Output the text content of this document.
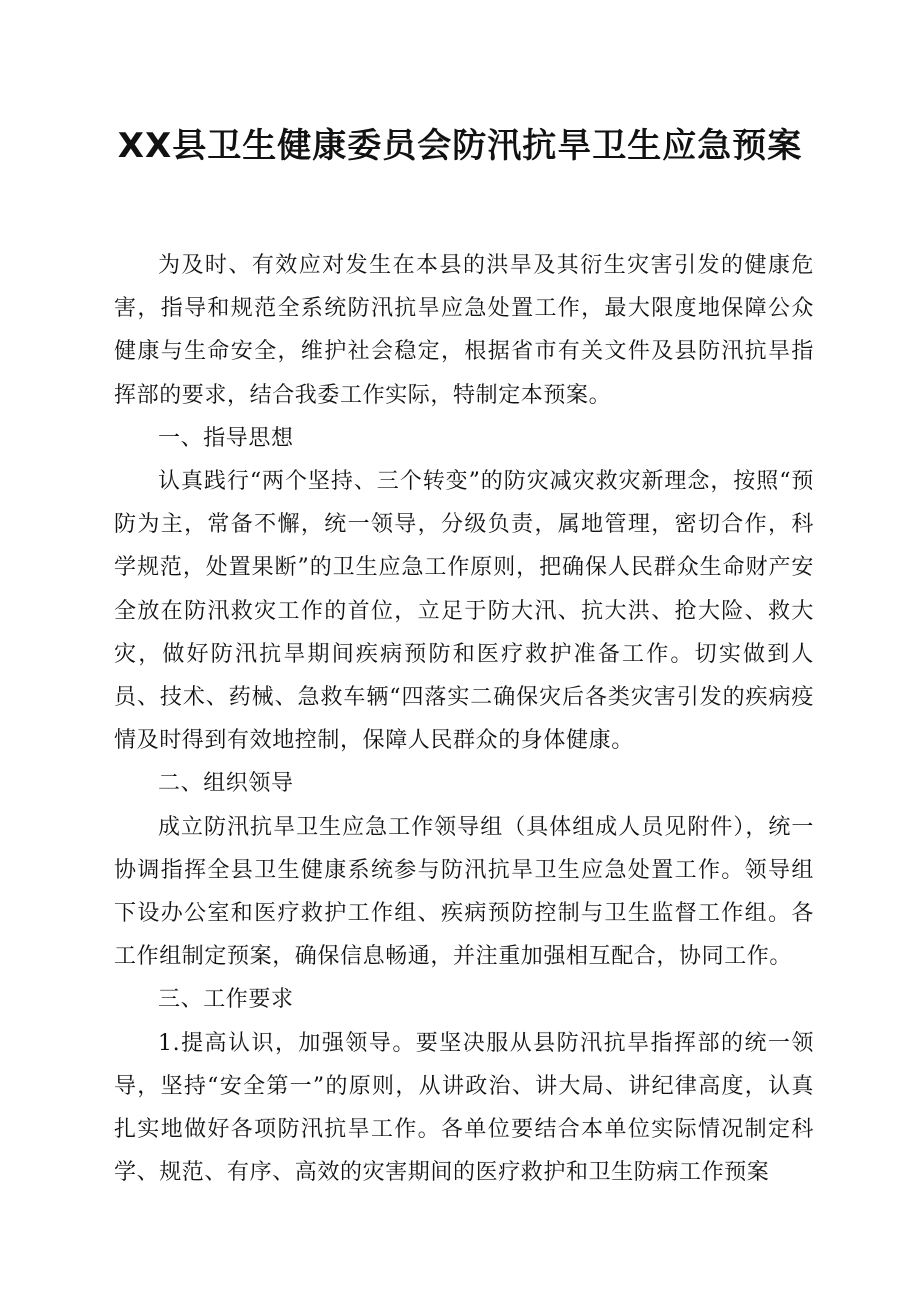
XX县卫生健康委员会防汛抗旱卫生应急预案

为及时、有效应对发生在本县的洪旱及其衍生灾害引发的健康危害，指导和规范全系统防汛抗旱应急处置工作，最大限度地保障公众健康与生命安全，维护社会稳定，根据省市有关文件及县防汛抗旱指挥部的要求，结合我委工作实际，特制定本预案。

一、指导思想

认真践行“两个坚持、三个转变”的防灾减灾救灾新理念，按照“预防为主，常备不懈，统一领导，分级负责，属地管理，密切合作，科学规范，处置果断”的卫生应急工作原则，把确保人民群众生命财产安全放在防汛救灾工作的首位，立足于防大汛、抗大洪、抢大险、救大灾，做好防汛抗旱期间疾病预防和医疗救护准备工作。切实做到人员、技术、药械、急救车辆“四落实二确保灾后各类灾害引发的疾病疫情及时得到有效地控制，保障人民群众的身体健康。

二、组织领导

成立防汛抗旱卫生应急工作领导组（具体组成人员见附件），统一协调指挥全县卫生健康系统参与防汛抗旱卫生应急处置工作。领导组下设办公室和医疗救护工作组、疾病预防控制与卫生监督工作组。各工作组制定预案，确保信息畅通，并注重加强相互配合，协同工作。

三、工作要求

1.提高认识，加强领导。要坚决服从县防汛抗旱指挥部的统一领导，坚持“安全第一”的原则，从讲政治、讲大局、讲纪律高度，认真扎实地做好各项防汛抗旱工作。各单位要结合本单位实际情况制定科学、规范、有序、高效的灾害期间的医疗救护和卫生防病工作预案
